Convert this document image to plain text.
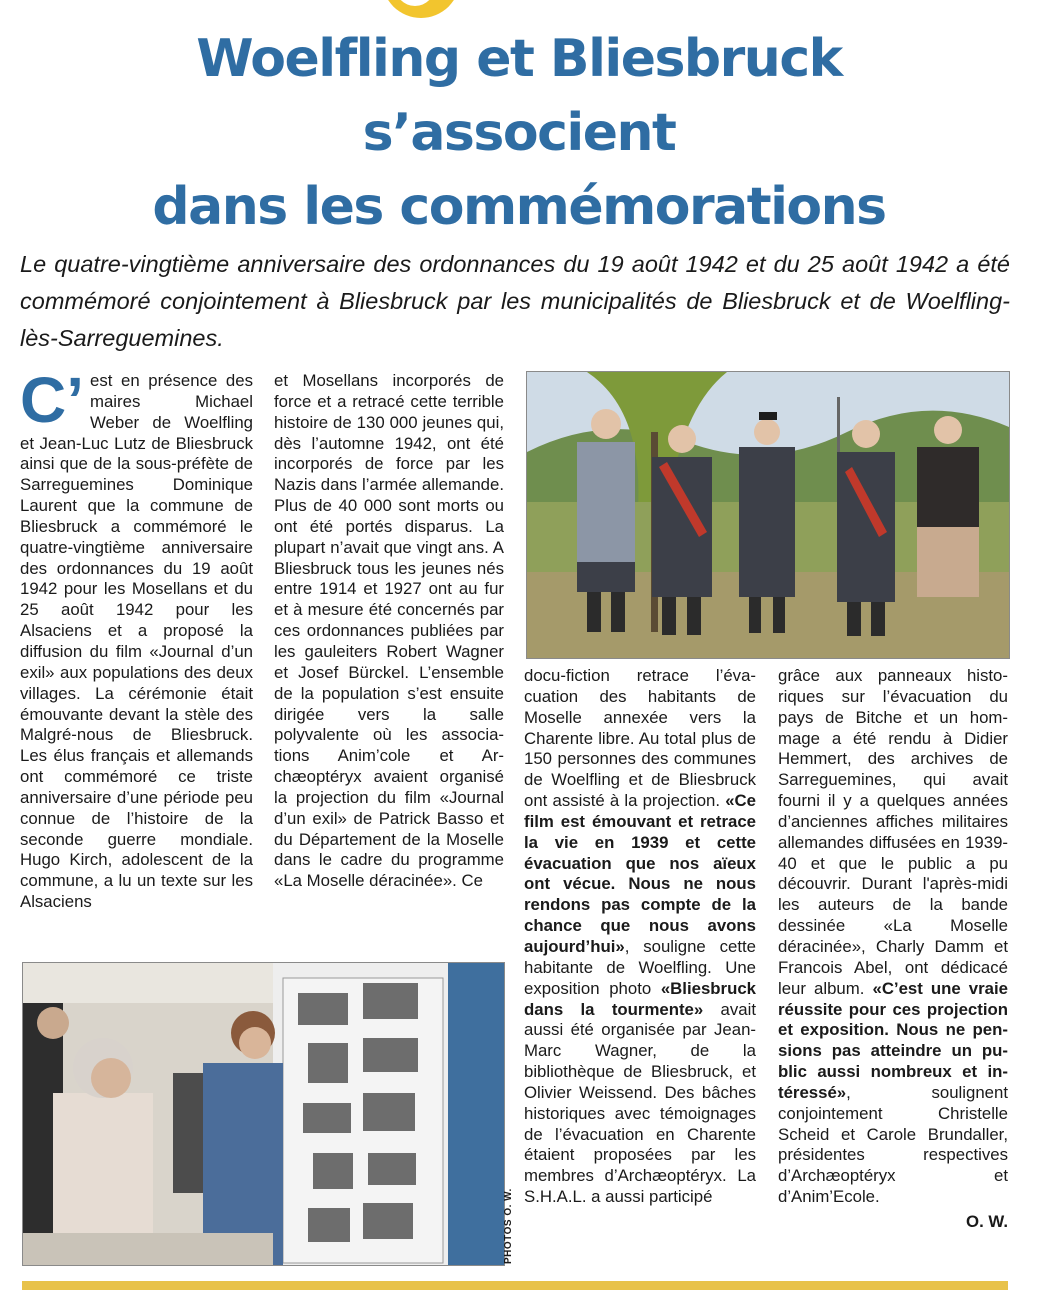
Woelfling et Bliesbruck
s’associent
dans les commémorations

Le quatre-vingtième anniversaire des ordonnances du 19 août 1942 et du 25 août 1942 a été commémoré conjointement à Bliesbruck par les municipalités de Bliesbruck et de Woelfling-lès-Sarreguemines.

C’ est en présence des maires Michael Weber de Woelfling et Jean-Luc Lutz de Bliesbruck ainsi que de la sous-préfète de Sarreguemines Dominique Laurent que la commune de Bliesbruck a commémoré le quatre-vingtième anniversaire des ordonnances du 19 août 1942 pour les Mosellans et du 25 août 1942 pour les Alsaciens et a proposé la diffusion du film «Journal d’un exil» aux populations des deux villages. La cérémonie était émouvante devant la stèle des Malgré-nous de Bliesbruck. Les élus français et allemands ont commémoré ce triste anniversaire d’une période peu connue de l’histoire de la seconde guerre mondiale. Hugo Kirch, adolescent de la commune, a lu un texte sur les Alsaciens

et Mosellans incorporés de force et a retracé cette terrible histoire de 130 000 jeunes qui, dès l’automne 1942, ont été incorporés de force par les Nazis dans l’armée allemande. Plus de 40 000 sont morts ou ont été portés disparus. La plupart n’avait que vingt ans. A Bliesbruck tous les jeunes nés entre 1914 et 1927 ont au fur et à mesure été concernés par ces ordonnances publiées par les gauleiters Robert Wagner et Josef Bürckel. L’ensemble de la population s’est ensuite dirigée vers la salle polyvalente où les associations Anim’cole et Archæoptéryx avaient organisé la projection du film «Journal d’un exil» de Patrick Basso et du Département de la Moselle dans le cadre du programme «La Moselle déracinée». Ce

docu-fiction retrace l’évacuation des habitants de Moselle annexée vers la Charente libre. Au total plus de 150 personnes des communes de Woelfling et de Bliesbruck ont assisté à la projection. «Ce film est émouvant et retrace la vie en 1939 et cette évacuation que nos aïeux ont vécue. Nous ne nous rendons pas compte de la chance que nous avons aujourd’hui», souligne cette habitante de Woelfling. Une exposition photo «Bliesbruck dans la tourmente» avait aussi été organisée par Jean-Marc Wagner, de la bibliothèque de Bliesbruck, et Olivier Weissend. Des bâches historiques avec témoignages de l’évacuation en Charente étaient proposées par les membres d’Archæoptéryx. La S.H.A.L. a aussi participé

grâce aux panneaux historiques sur l’évacuation du pays de Bitche et un hommage a été rendu à Didier Hemmert, des archives de Sarreguemines, qui avait fourni il y a quelques années d’anciennes affiches militaires allemandes diffusées en 1939-40 et que le public a pu découvrir. Durant l'après-midi les auteurs de la bande dessinée «La Moselle déracinée», Charly Damm et Francois Abel, ont dédicacé leur album. «C’est une vraie réussite pour ces projection et exposition. Nous ne pensions pas atteindre un public aussi nombreux et intéressé», soulignent conjointement Christelle Scheid et Carole Brundaller, présidentes respectives d’Archæoptéryx et d’Anim’Ecole.
O. W.

PHOTOS O. W.
